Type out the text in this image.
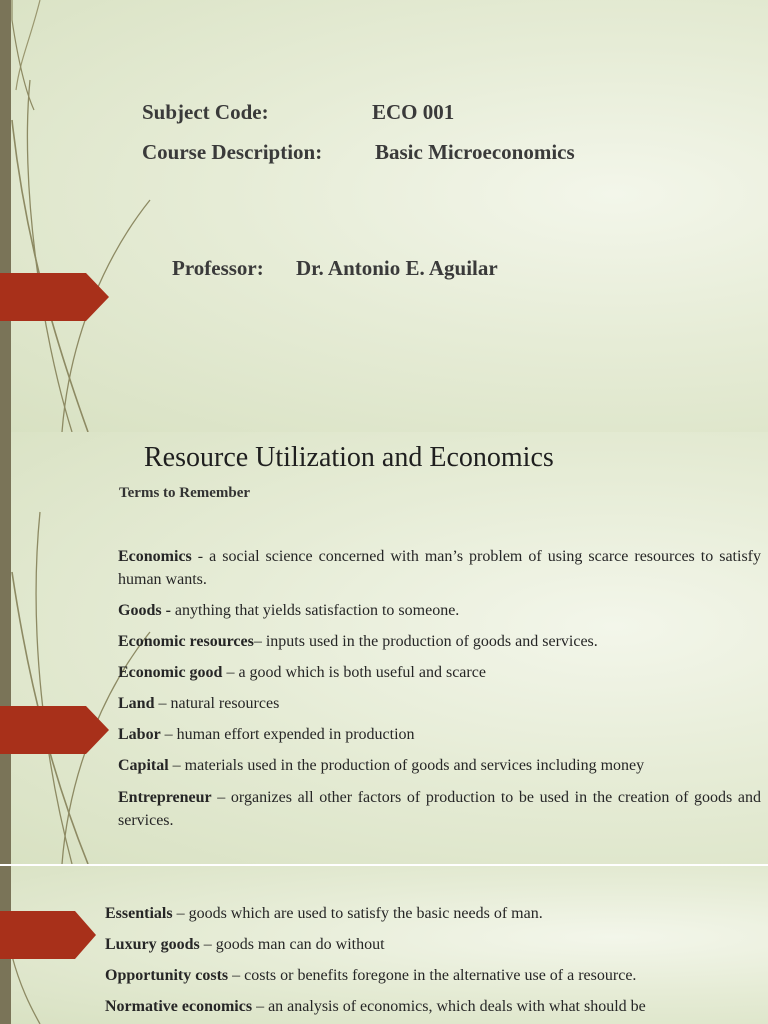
Subject Code:	ECO 001
Course Description:	Basic Microeconomics
Professor: Dr. Antonio E. Aguilar
Resource Utilization and Economics
Terms to Remember
Economics - a social science concerned with man’s problem of using scarce resources to satisfy human wants.
Goods - anything that yields satisfaction to someone.
Economic resources– inputs used in the production of goods and services.
Economic good – a good which is both useful and scarce
Land – natural resources
Labor – human effort expended in production
Capital – materials used in the production of goods and services including money
Entrepreneur – organizes all other factors of production to be used in the creation of goods and services.
Essentials – goods which are used to satisfy the basic needs of man.
Luxury goods – goods man can do without
Opportunity costs – costs or benefits foregone in the alternative use of a resource.
Normative economics – an analysis of economics, which deals with what should be
